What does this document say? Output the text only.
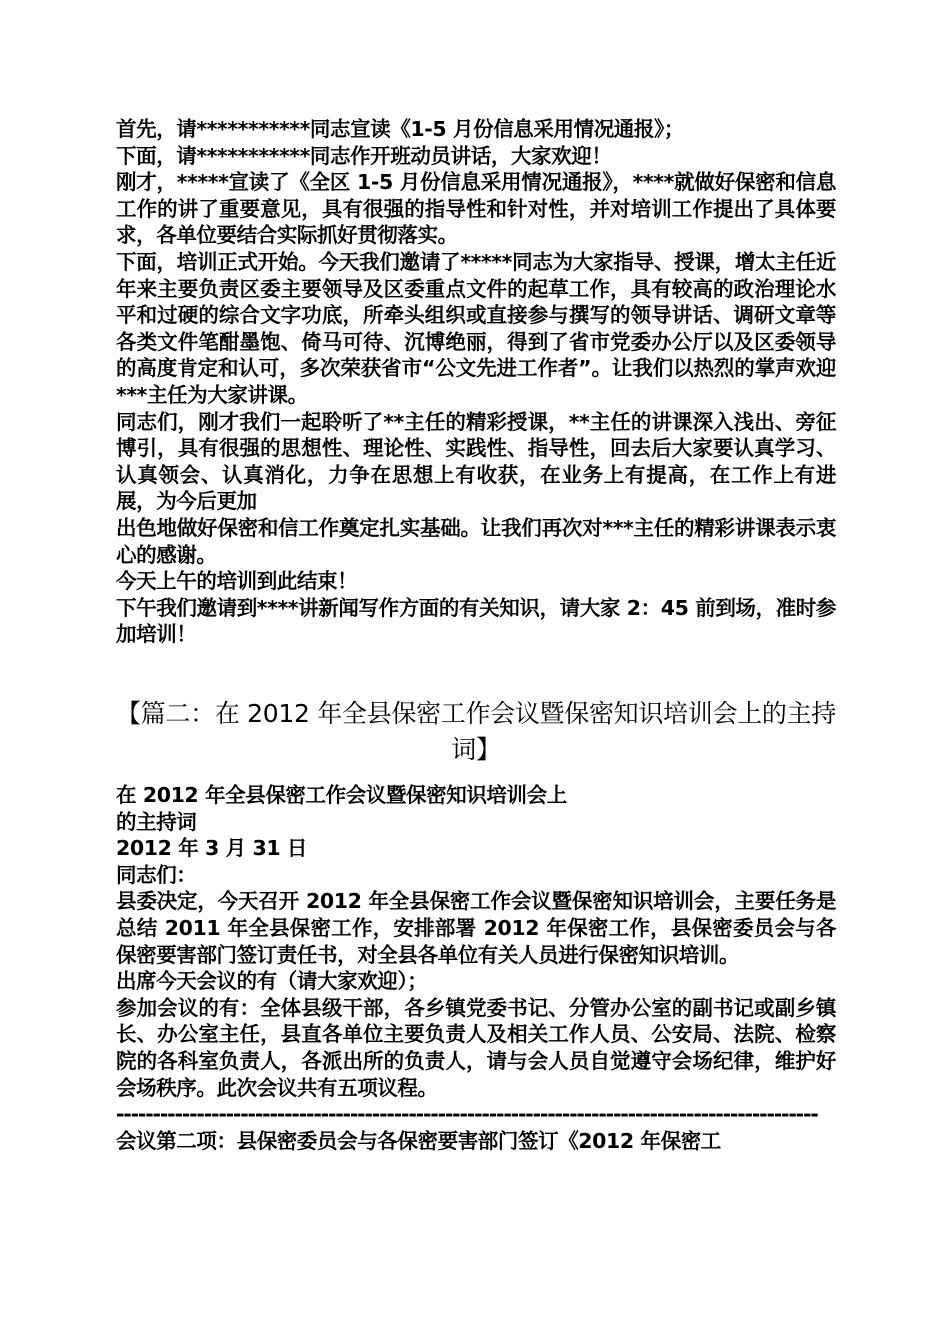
首先，请***********同志宣读《1-5 月份信息采用情况通报》；

下面，请***********同志作开班动员讲话，大家欢迎！

刚才，*****宣读了《全区 1-5 月份信息采用情况通报》，****就做好保密和信息工作的讲了重要意见，具有很强的指导性和针对性，并对培训工作提出了具体要求，各单位要结合实际抓好贯彻落实。

下面，培训正式开始。今天我们邀请了*****同志为大家指导、授课，增太主任近年来主要负责区委主要领导及区委重点文件的起草工作，具有较高的政治理论水平和过硬的综合文字功底，所牵头组织或直接参与撰写的领导讲话、调研文章等各类文件笔酣墨饱、倚马可待、沉博绝丽，得到了省市党委办公厅以及区委领导的高度肯定和认可，多次荣获省市“公文先进工作者”。让我们以热烈的掌声欢迎***主任为大家讲课。

同志们，刚才我们一起聆听了**主任的精彩授课，**主任的讲课深入浅出、旁征博引，具有很强的思想性、理论性、实践性、指导性，回去后大家要认真学习、认真领会、认真消化，力争在思想上有收获，在业务上有提高，在工作上有进展，为今后更加

出色地做好保密和信工作奠定扎实基础。让我们再次对***主任的精彩讲课表示衷心的感谢。

今天上午的培训到此结束！

下午我们邀请到****讲新闻写作方面的有关知识，请大家 2：45 前到场，准时参加培训！

【篇二：在 2012 年全县保密工作会议暨保密知识培训会上的主持词】

在 2012 年全县保密工作会议暨保密知识培训会上

的主持词

2012 年 3 月 31 日

同志们：

县委决定，今天召开 2012 年全县保密工作会议暨保密知识培训会，主要任务是总结 2011 年全县保密工作，安排部署 2012 年保密工作，县保密委员会与各保密要害部门签订责任书，对全县各单位有关人员进行保密知识培训。

出席今天会议的有（请大家欢迎）；

参加会议的有：全体县级干部，各乡镇党委书记、分管办公室的副书记或副乡镇长、办公室主任，县直各单位主要负责人及相关工作人员、公安局、法院、检察院的各科室负责人，各派出所的负责人，请与会人员自觉遵守会场纪律，维护好会场秩序。此次会议共有五项议程。

------------------------------------------------------------------------------------------------

会议第二项：县保密委员会与各保密要害部门签订《2012 年保密工
